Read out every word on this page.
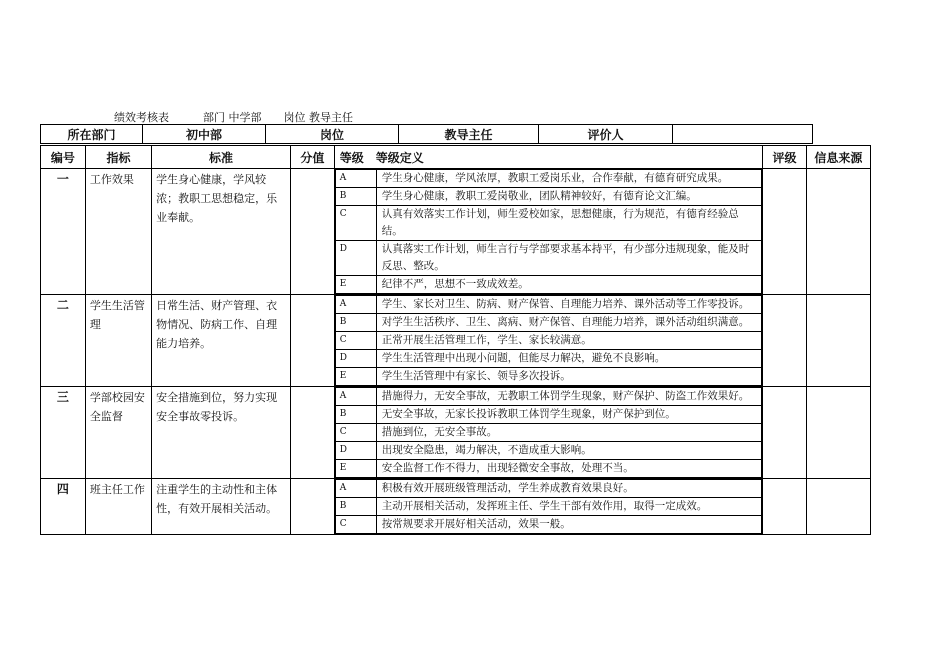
绩效考核表	部门 中学部 岗位 教导主任
所在部门	初中部	岗位	教导主任	评价人	
编号	指标	标准	分值	等级 等级定义	评级	信息来源
一	工作效果	学生身心健康，学风较浓；教职工思想稳定，乐业奉献。		
A	学生身心健康，学风浓厚，教职工爱岗乐业，合作奉献，有德育研究成果。
B	学生身心健康，教职工爱岗敬业，团队精神较好，有德育论文汇编。
C	认真有效落实工作计划，师生爱校如家，思想健康，行为规范，有德育经验总结。
D	认真落实工作计划，师生言行与学部要求基本持平，有少部分违规现象，能及时反思、整改。
E	纪律不严，思想不一致成效差。

二	学生生活管理	日常生活、财产管理、衣物情况、防病工作、自理能力培养。		
A	学生、家长对卫生、防病、财产保管、自理能力培养、课外活动等工作零投诉。
B	对学生生活秩序、卫生、离病、财产保管、自理能力培养，课外活动组织满意。
C	正常开展生活管理工作，学生、家长较满意。
D	学生生活管理中出现小问题，但能尽力解决，避免不良影响。
E	学生生活管理中有家长、领导多次投诉。

三	学部校园安全监督	安全措施到位，努力实现安全事故零投诉。		
A	措施得力，无安全事故，无教职工体罚学生现象，财产保护、防盗工作效果好。
B	无安全事故，无家长投诉教职工体罚学生现象，财产保护到位。
C	措施到位，无安全事故。
D	出现安全隐患，竭力解决，不造成重大影响。
E	安全监督工作不得力，出现轻微安全事故，处理不当。

四	班主任工作	注重学生的主动性和主体性，有效开展相关活动。		
A	积极有效开展班级管理活动，学生养成教育效果良好。
B	主动开展相关活动，发挥班主任、学生干部有效作用，取得一定成效。
C	按常规要求开展好相关活动，效果一般。
